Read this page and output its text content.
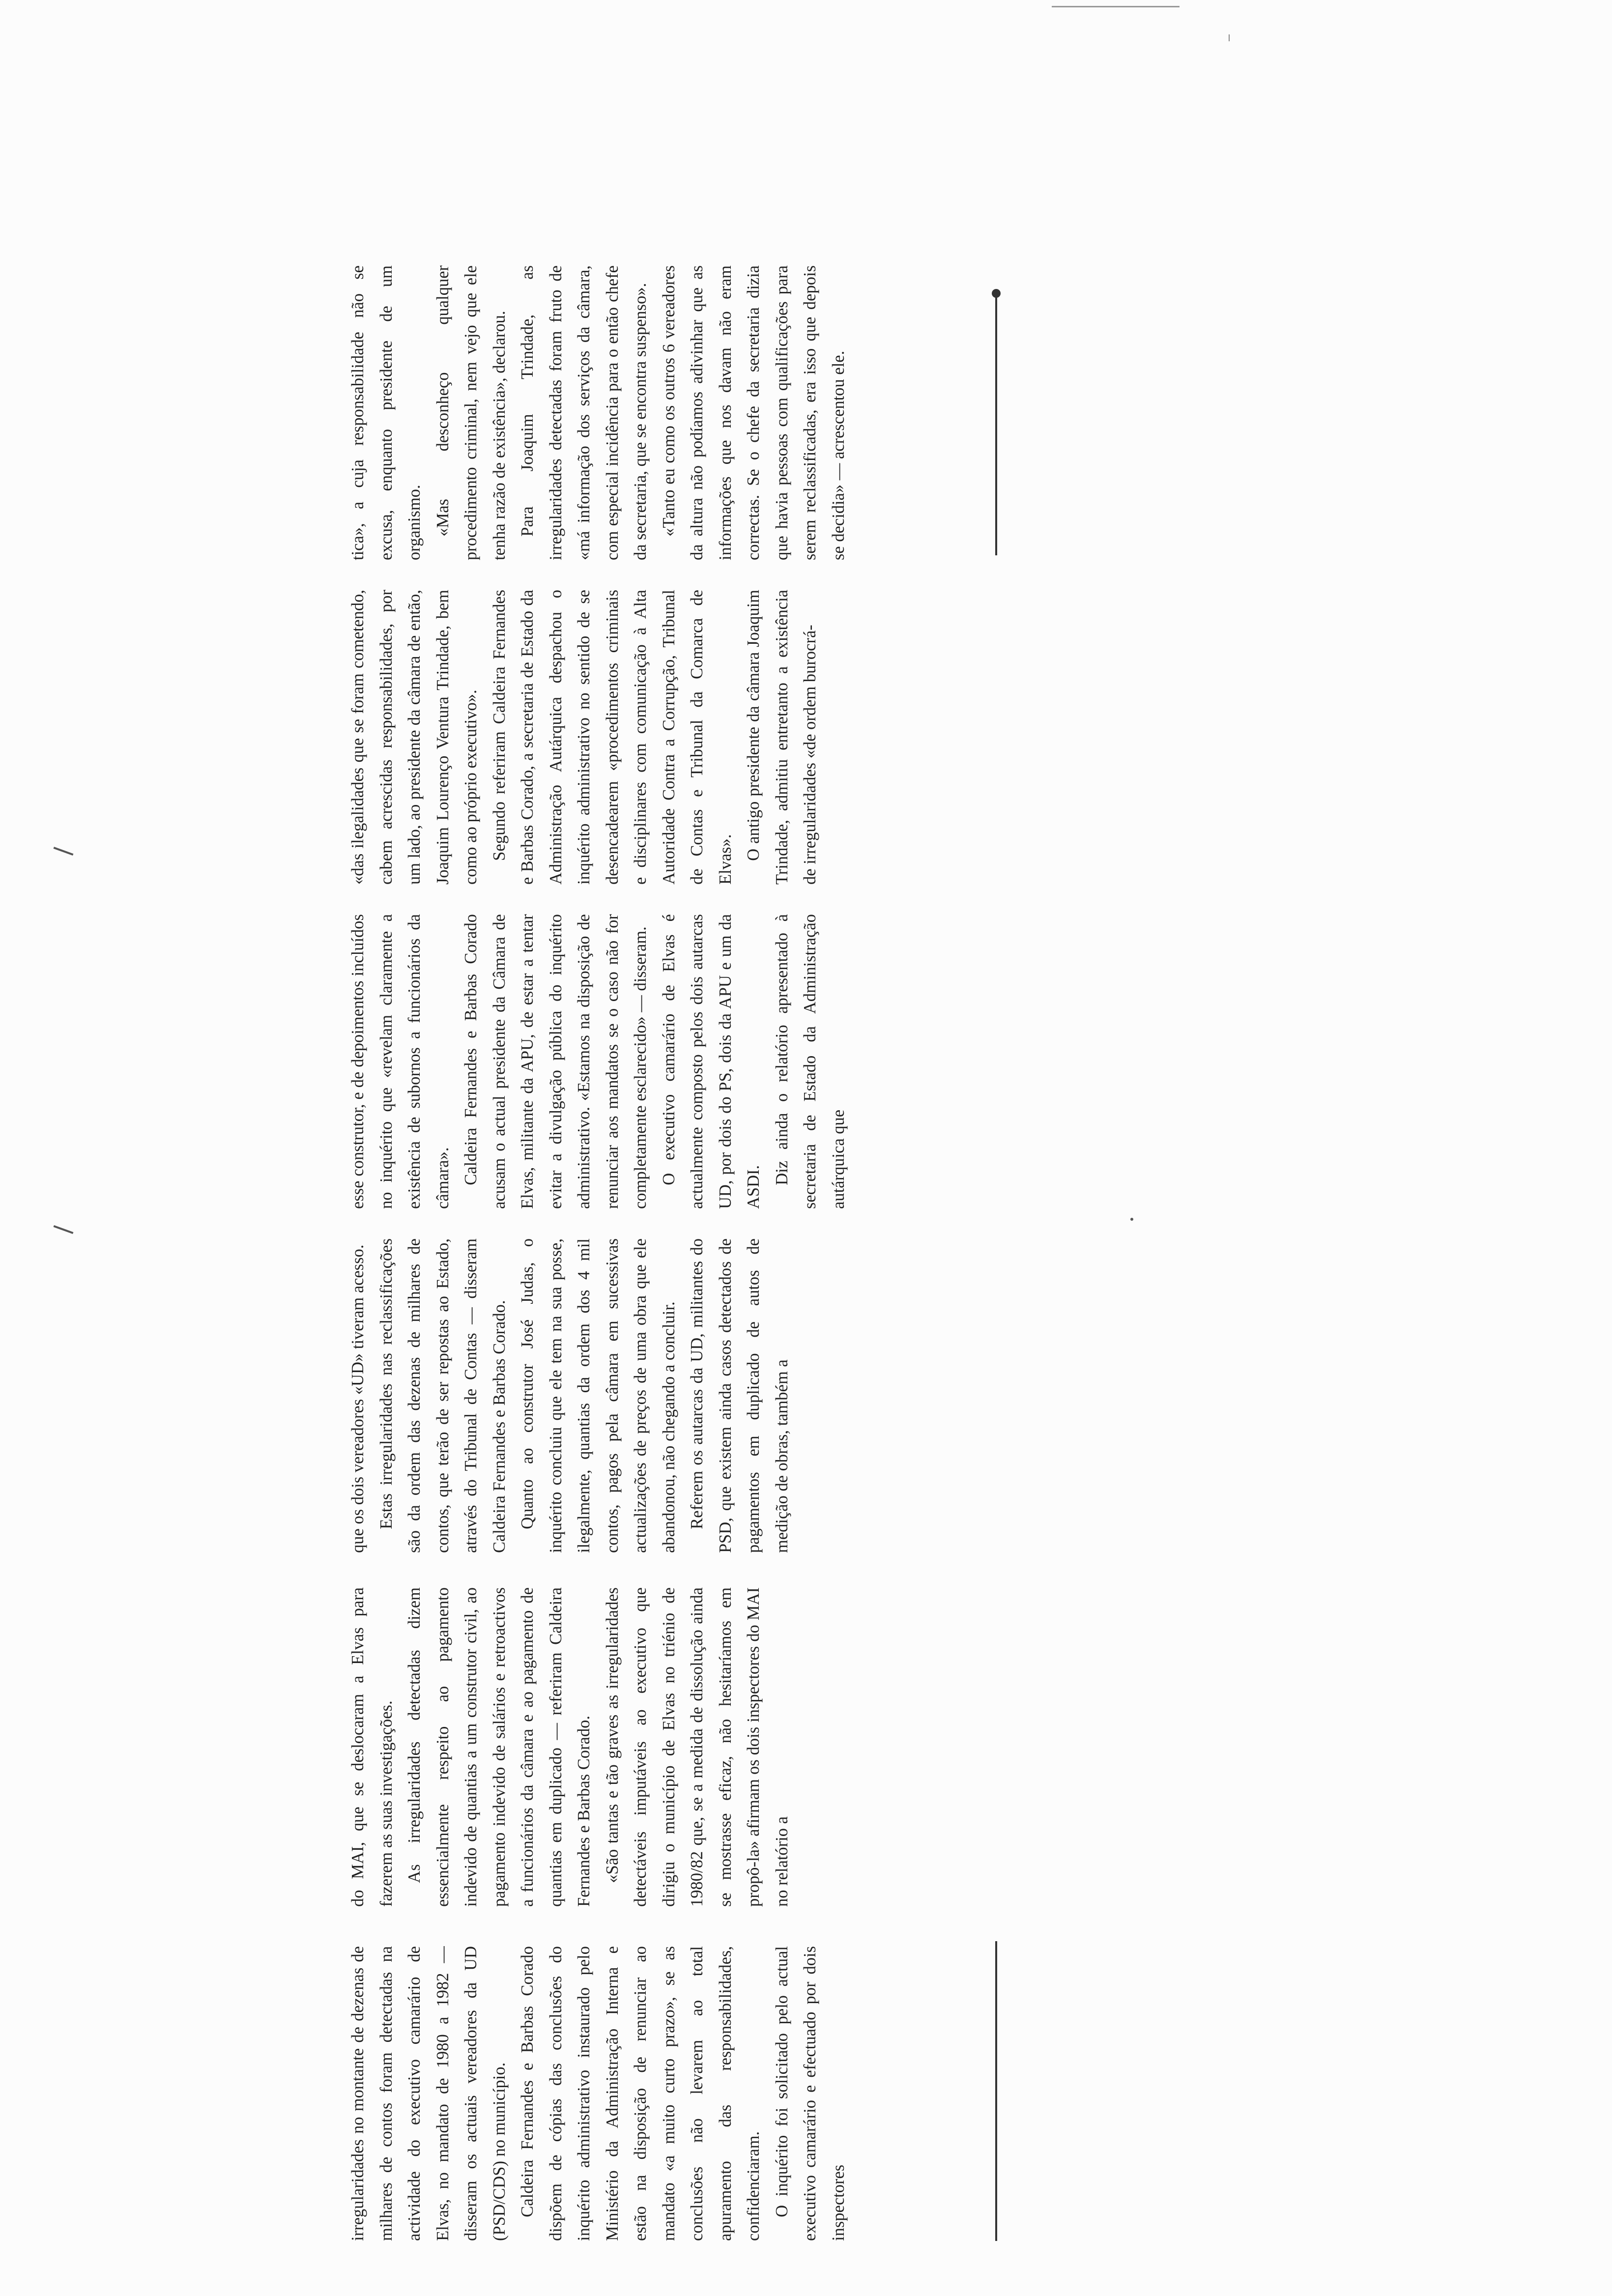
irregularidades no montante de dezenas de milhares de contos foram detectadas na actividade do executivo camarário de Elvas, no mandato de 1980 a 1982 — disseram os actuais vereadores da UD (PSD/CDS) no município. Caldeira Fernandes e Barbas Corado dispõem de cópias das conclusões do inquérito administrativo instaurado pelo Ministério da Administração Interna e estão na disposição de renunciar ao mandato «a muito curto prazo», se as conclusões não levarem ao total apuramento das responsabilidades, confidenciaram. O inquérito foi solicitado pelo actual executivo camarário e efectuado por dois inspectores

do MAI, que se deslocaram a Elvas para fazerem as suas investigações. As irregularidades detectadas dizem essencialmente respeito ao pagamento indevido de quantias a um construtor civil, ao pagamento indevido de salários e retroactivos a funcionários da câmara e ao pagamento de quantias em duplicado — referiram Caldeira Fernandes e Barbas Corado. «São tantas e tão graves as irregularidades detectáveis imputáveis ao executivo que dirigiu o município de Elvas no triénio de 1980/82 que, se a medida de dissolução ainda se mostrasse eficaz, não hesitaríamos em propô-la» afirmam os dois inspectores do MAI no relatório a

que os dois vereadores «UD» tiveram acesso. Estas irregularidades nas reclassificações são da ordem das dezenas de milhares de contos, que terão de ser repostas ao Estado, através do Tribunal de Contas — disseram Caldeira Fernandes e Barbas Corado. Quanto ao construtor José Judas, o inquérito concluiu que ele tem na sua posse, ilegalmente, quantias da ordem dos 4 mil contos, pagos pela câmara em sucessivas actualizações de preços de uma obra que ele abandonou, não chegando a concluir. Referem os autarcas da UD, militantes do PSD, que existem ainda casos detectados de pagamentos em duplicado de autos de medição de obras, também a

esse construtor, e de depoimentos incluídos no inquérito que «revelam claramente a existência de subornos a funcionários da câmara». Caldeira Fernandes e Barbas Corado acusam o actual presidente da Câmara de Elvas, militante da APU, de estar a tentar evitar a divulgação pública do inquérito administrativo. «Estamos na disposição de renunciar aos mandatos se o caso não for completamente esclarecido» — disseram. O executivo camarário de Elvas é actualmente composto pelos dois autarcas UD, por dois do PS, dois da APU e um da ASDI.

Diz ainda o relatório apresentado à secretaria de Estado da Administração autárquica que

«das ilegalidades que se foram cometendo, cabem acrescidas responsabilidades, por um lado, ao presidente da câmara de então, Joaquim Lourenço Ventura Trindade, bem como ao próprio executivo». Segundo referiram Caldeira Fernandes e Barbas Corado, a secretaria de Estado da Administração Autárquica despachou o inquérito administrativo no sentido de se desencadearem «procedimentos criminais e disciplinares com comunicação à Alta Autoridade Contra a Corrupção, Tribunal de Contas e Tribunal da Comarca de Elvas». O antigo presidente da câmara Joaquim Trindade, admitiu entretanto a existência de irregularidades «de ordem burocrá-

tica», a cuja responsabilidade não se excusa, enquanto presidente de um organismo. «Mas desconheço qualquer procedimento criminal, nem vejo que ele tenha razão de existência», declarou. Para Joaquim Trindade, as irregularidades detectadas foram fruto de «má informação dos serviços da câmara, com especial incidência para o então chefe da secretaria, que se encontra suspenso». «Tanto eu como os outros 6 vereadores da altura não podíamos adivinhar que as informações que nos davam não eram correctas. Se o chefe da secretaria dizia que havia pessoas com qualificações para serem reclassificadas, era isso que depois se decidia» — acrescentou ele.
